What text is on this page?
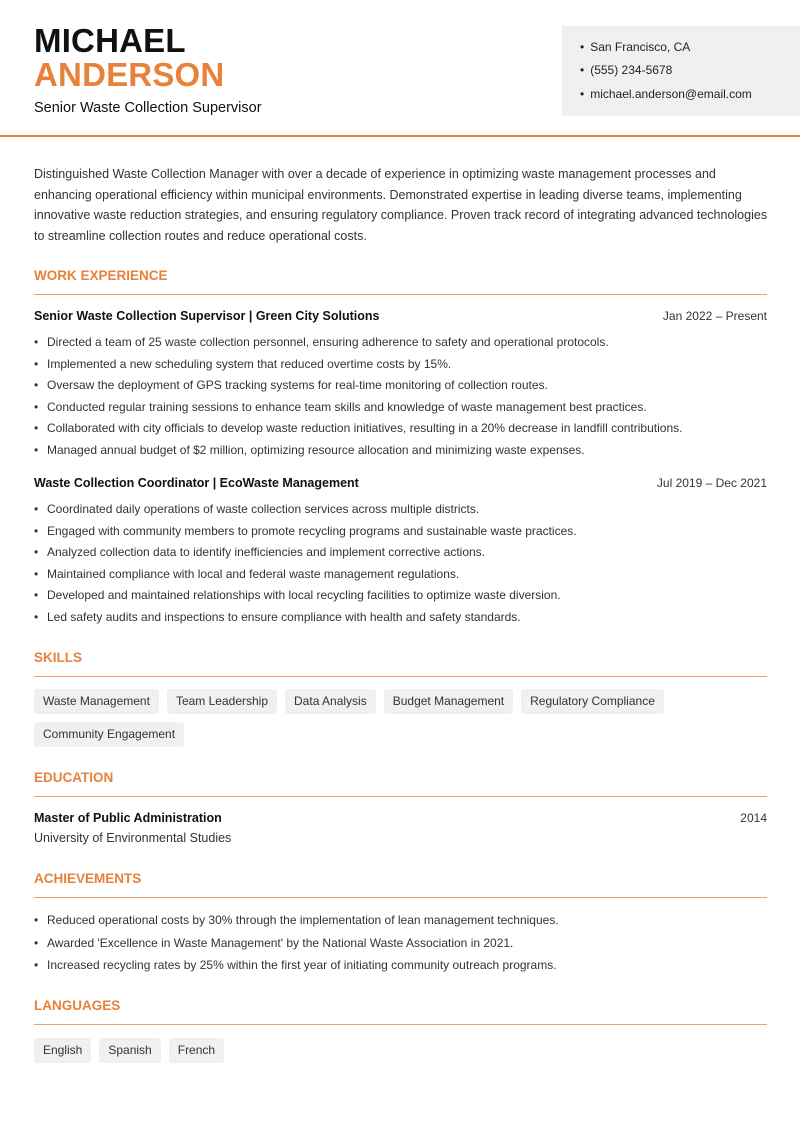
MICHAEL
ANDERSON
Senior Waste Collection Supervisor
• San Francisco, CA
• (555) 234-5678
• michael.anderson@email.com
Distinguished Waste Collection Manager with over a decade of experience in optimizing waste management processes and enhancing operational efficiency within municipal environments. Demonstrated expertise in leading diverse teams, implementing innovative waste reduction strategies, and ensuring regulatory compliance. Proven track record of integrating advanced technologies to streamline collection routes and reduce operational costs.
WORK EXPERIENCE
Senior Waste Collection Supervisor | Green City Solutions	Jan 2022 – Present
• Directed a team of 25 waste collection personnel, ensuring adherence to safety and operational protocols.
• Implemented a new scheduling system that reduced overtime costs by 15%.
• Oversaw the deployment of GPS tracking systems for real-time monitoring of collection routes.
• Conducted regular training sessions to enhance team skills and knowledge of waste management best practices.
• Collaborated with city officials to develop waste reduction initiatives, resulting in a 20% decrease in landfill contributions.
• Managed annual budget of $2 million, optimizing resource allocation and minimizing waste expenses.
Waste Collection Coordinator | EcoWaste Management	Jul 2019 – Dec 2021
• Coordinated daily operations of waste collection services across multiple districts.
• Engaged with community members to promote recycling programs and sustainable waste practices.
• Analyzed collection data to identify inefficiencies and implement corrective actions.
• Maintained compliance with local and federal waste management regulations.
• Developed and maintained relationships with local recycling facilities to optimize waste diversion.
• Led safety audits and inspections to ensure compliance with health and safety standards.
SKILLS
Waste Management	Team Leadership	Data Analysis	Budget Management	Regulatory Compliance
Community Engagement
EDUCATION
Master of Public Administration	2014
University of Environmental Studies
ACHIEVEMENTS
• Reduced operational costs by 30% through the implementation of lean management techniques.
• Awarded 'Excellence in Waste Management' by the National Waste Association in 2021.
• Increased recycling rates by 25% within the first year of initiating community outreach programs.
LANGUAGES
English	Spanish	French
